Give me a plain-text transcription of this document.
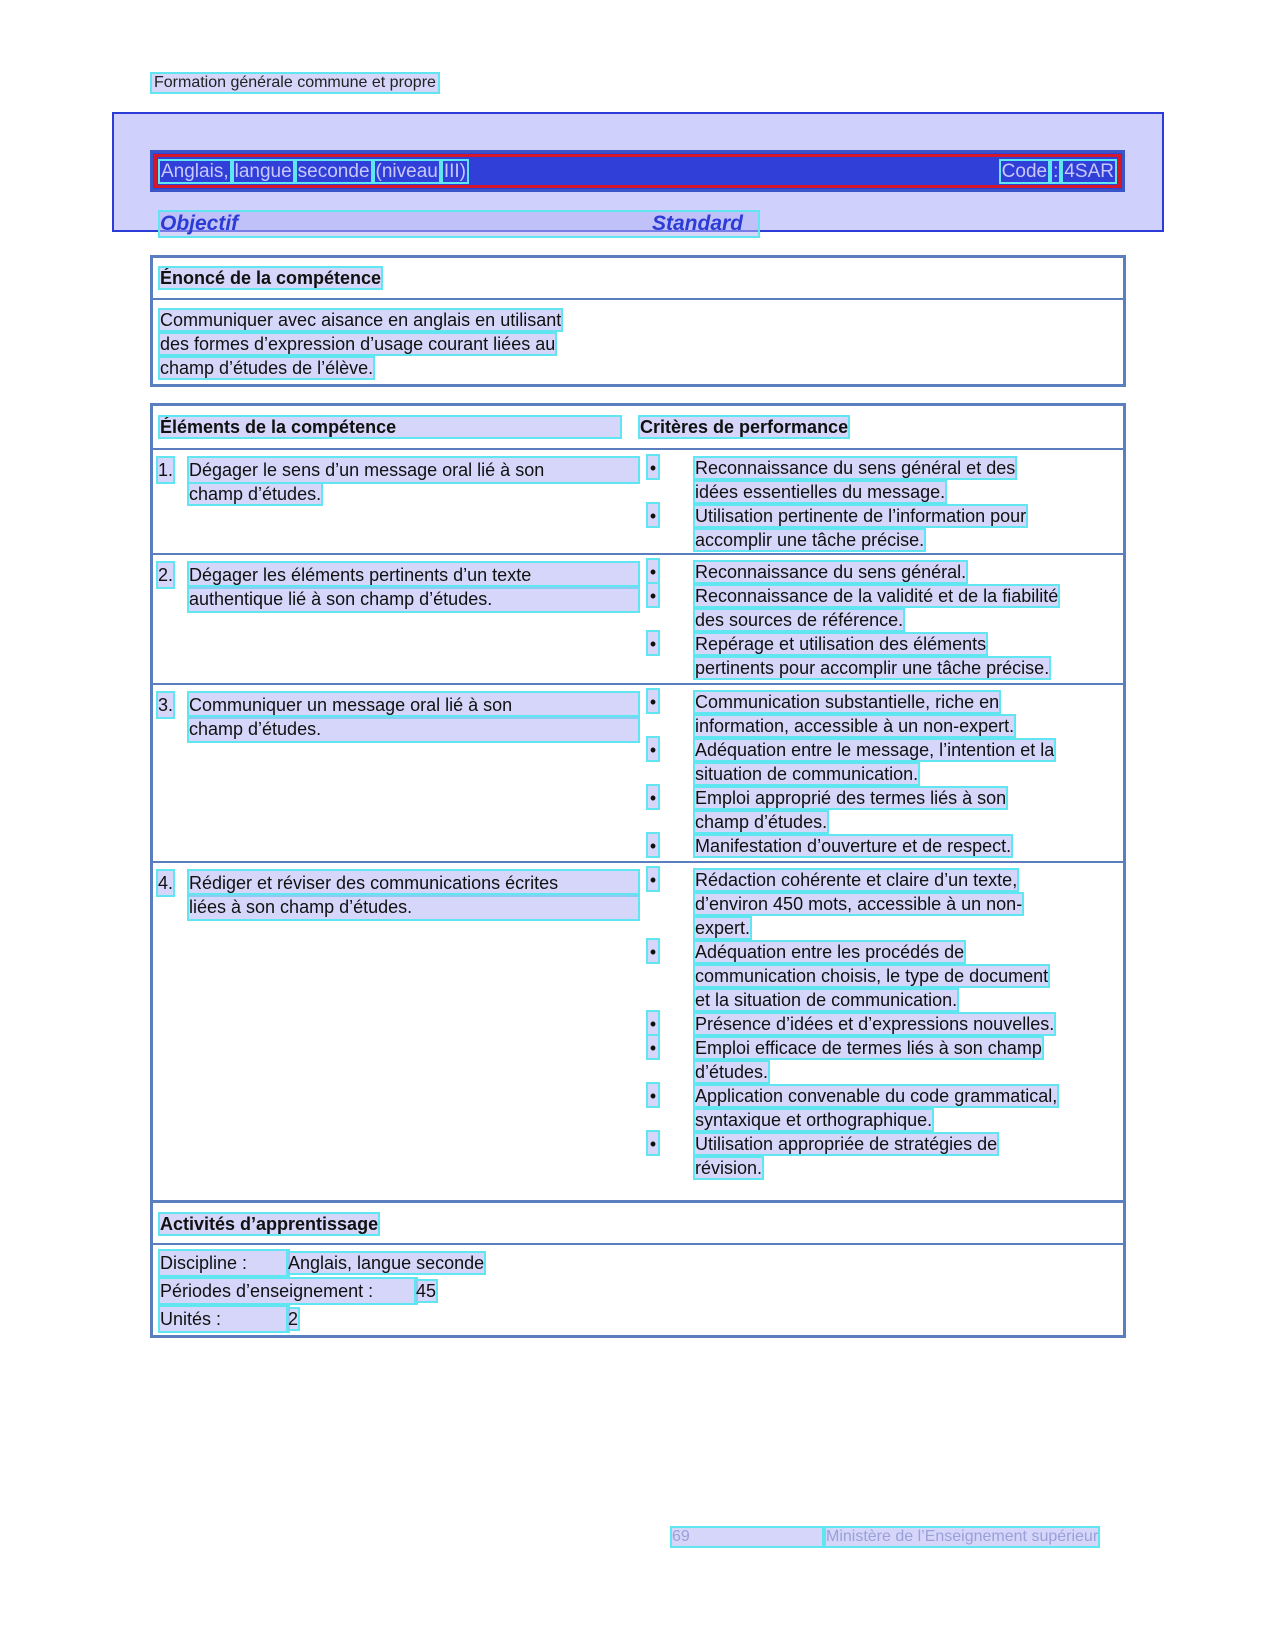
Formation générale commune et propre
Anglais, langue seconde (niveau III)	Code : 4SAR
Objectif	Standard
Énoncé de la compétence
Communiquer avec aisance en anglais en utilisant
des formes d’expression d’usage courant liées au
champ d’études de l’élève.
Éléments de la compétence	Critères de performance
1. Dégager le sens d’un message oral lié à son
champ d’études.
• Reconnaissance du sens général et des
idées essentielles du message.
• Utilisation pertinente de l’information pour
accomplir une tâche précise.
2. Dégager les éléments pertinents d’un texte
authentique lié à son champ d’études.
• Reconnaissance du sens général.
• Reconnaissance de la validité et de la fiabilité
des sources de référence.
• Repérage et utilisation des éléments
pertinents pour accomplir une tâche précise.
3. Communiquer un message oral lié à son
champ d’études.
• Communication substantielle, riche en
information, accessible à un non-expert.
• Adéquation entre le message, l’intention et la
situation de communication.
• Emploi approprié des termes liés à son
champ d’études.
• Manifestation d’ouverture et de respect.
4. Rédiger et réviser des communications écrites
liées à son champ d’études.
• Rédaction cohérente et claire d’un texte,
d’environ 450 mots, accessible à un non-
expert.
• Adéquation entre les procédés de
communication choisis, le type de document
et la situation de communication.
• Présence d’idées et d’expressions nouvelles.
• Emploi efficace de termes liés à son champ
d’études.
• Application convenable du code grammatical,
syntaxique et orthographique.
• Utilisation appropriée de stratégies de
révision.
Activités d’apprentissage
Discipline : Anglais, langue seconde
Périodes d’enseignement : 45
Unités :	2
69	Ministère de l’Enseignement supérieur
